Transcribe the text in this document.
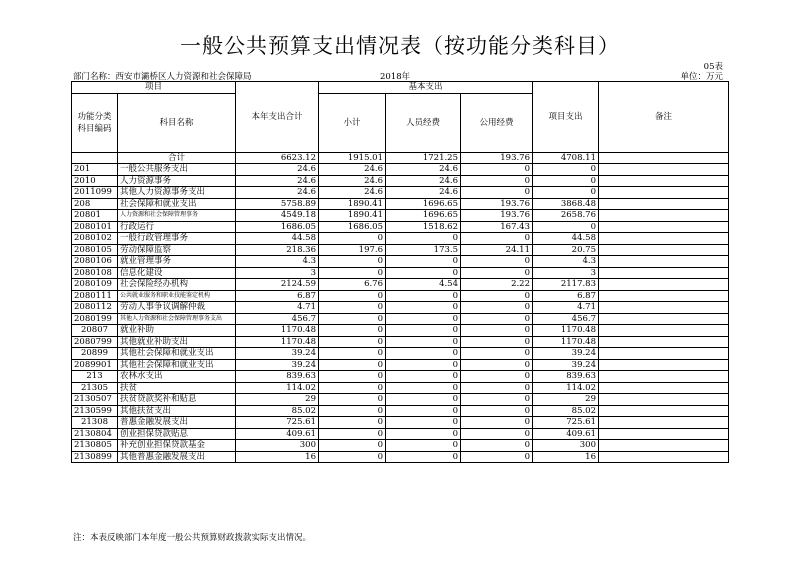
一般公共预算支出情况表（按功能分类科目）
05表
部门名称：西安市灞桥区人力资源和社会保障局	2018年	单位：万元
项目		本年支出合计	基本支出			项目支出	备注
功能分类科目编码	科目名称		小计	人员经费	公用经费		

	合计	6623.12	1915.01	1721.25	193.76	4708.11	
201	一般公共服务支出	24.6	24.6	24.6	0	0	
2010	人力资源事务	24.6	24.6	24.6	0	0	
2011099	其他人力资源事务支出	24.6	24.6	24.6	0	0	
208	社会保障和就业支出	5758.89	1890.41	1696.65	193.76	3868.48	
20801	人力资源和社会保障管理事务	4549.18	1890.41	1696.65	193.76	2658.76	
2080101	行政运行	1686.05	1686.05	1518.62	167.43	0	
2080102	一般行政管理事务	44.58	0	0	0	44.58	
2080105	劳动保障监察	218.36	197.6	173.5	24.11	20.75	
2080106	就业管理事务	4.3	0	0	0	4.3	
2080108	信息化建设	3	0	0	0	3	
2080109	社会保险经办机构	2124.59	6.76	4.54	2.22	2117.83	
2080111	公共就业服务和职业技能鉴定机构	6.87	0	0	0	6.87	
2080112	劳动人事争议调解仲裁	4.71	0	0	0	4.71	
2080199	其他人力资源和社会保障管理事务支出	456.7	0	0	0	456.7	
20807	就业补助	1170.48	0	0	0	1170.48	
2080799	其他就业补助支出	1170.48	0	0	0	1170.48	
20899	其他社会保障和就业支出	39.24	0	0	0	39.24	
2089901	其他社会保障和就业支出	39.24	0	0	0	39.24	
213	农林水支出	839.63	0	0	0	839.63	
21305	扶贫	114.02	0	0	0	114.02	
2130507	扶贫贷款奖补和贴息	29	0	0	0	29	
2130599	其他扶贫支出	85.02	0	0	0	85.02	
21308	普惠金融发展支出	725.61	0	0	0	725.61	
2130804	创业担保贷款贴息	409.61	0	0	0	409.61	
2130805	补充创业担保贷款基金	300	0	0	0	300	
2130899	其他普惠金融发展支出	16	0	0	0	16	
注：本表反映部门本年度一般公共预算财政拨款实际支出情况。
